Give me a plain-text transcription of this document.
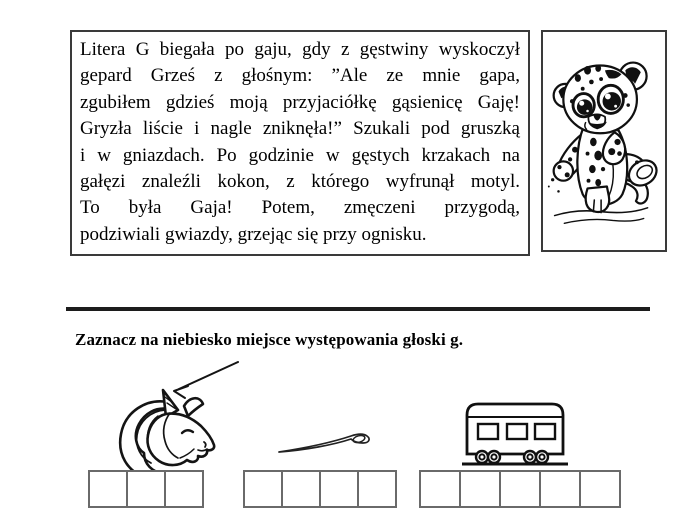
Litera G biegała po gaju, gdy z gęstwiny wyskoczył
gepard Grześ z głośnym: ”Ale ze mnie gapa,
zgubiłem gdzieś moją przyjaciółkę gąsienicę Gaję!
Gryzła liście i nagle zniknęła!” Szukali pod gruszką
i w gniazdach. Po godzinie w gęstych krzakach na
gałęzi znaleźli kokon, z którego wyfrunął motyl.
To była Gaja! Potem, zmęczeni przygodą,
podziwiali gwiazdy, grzejąc się przy ognisku.
Zaznacz na niebiesko miejsce występowania głoski g.
